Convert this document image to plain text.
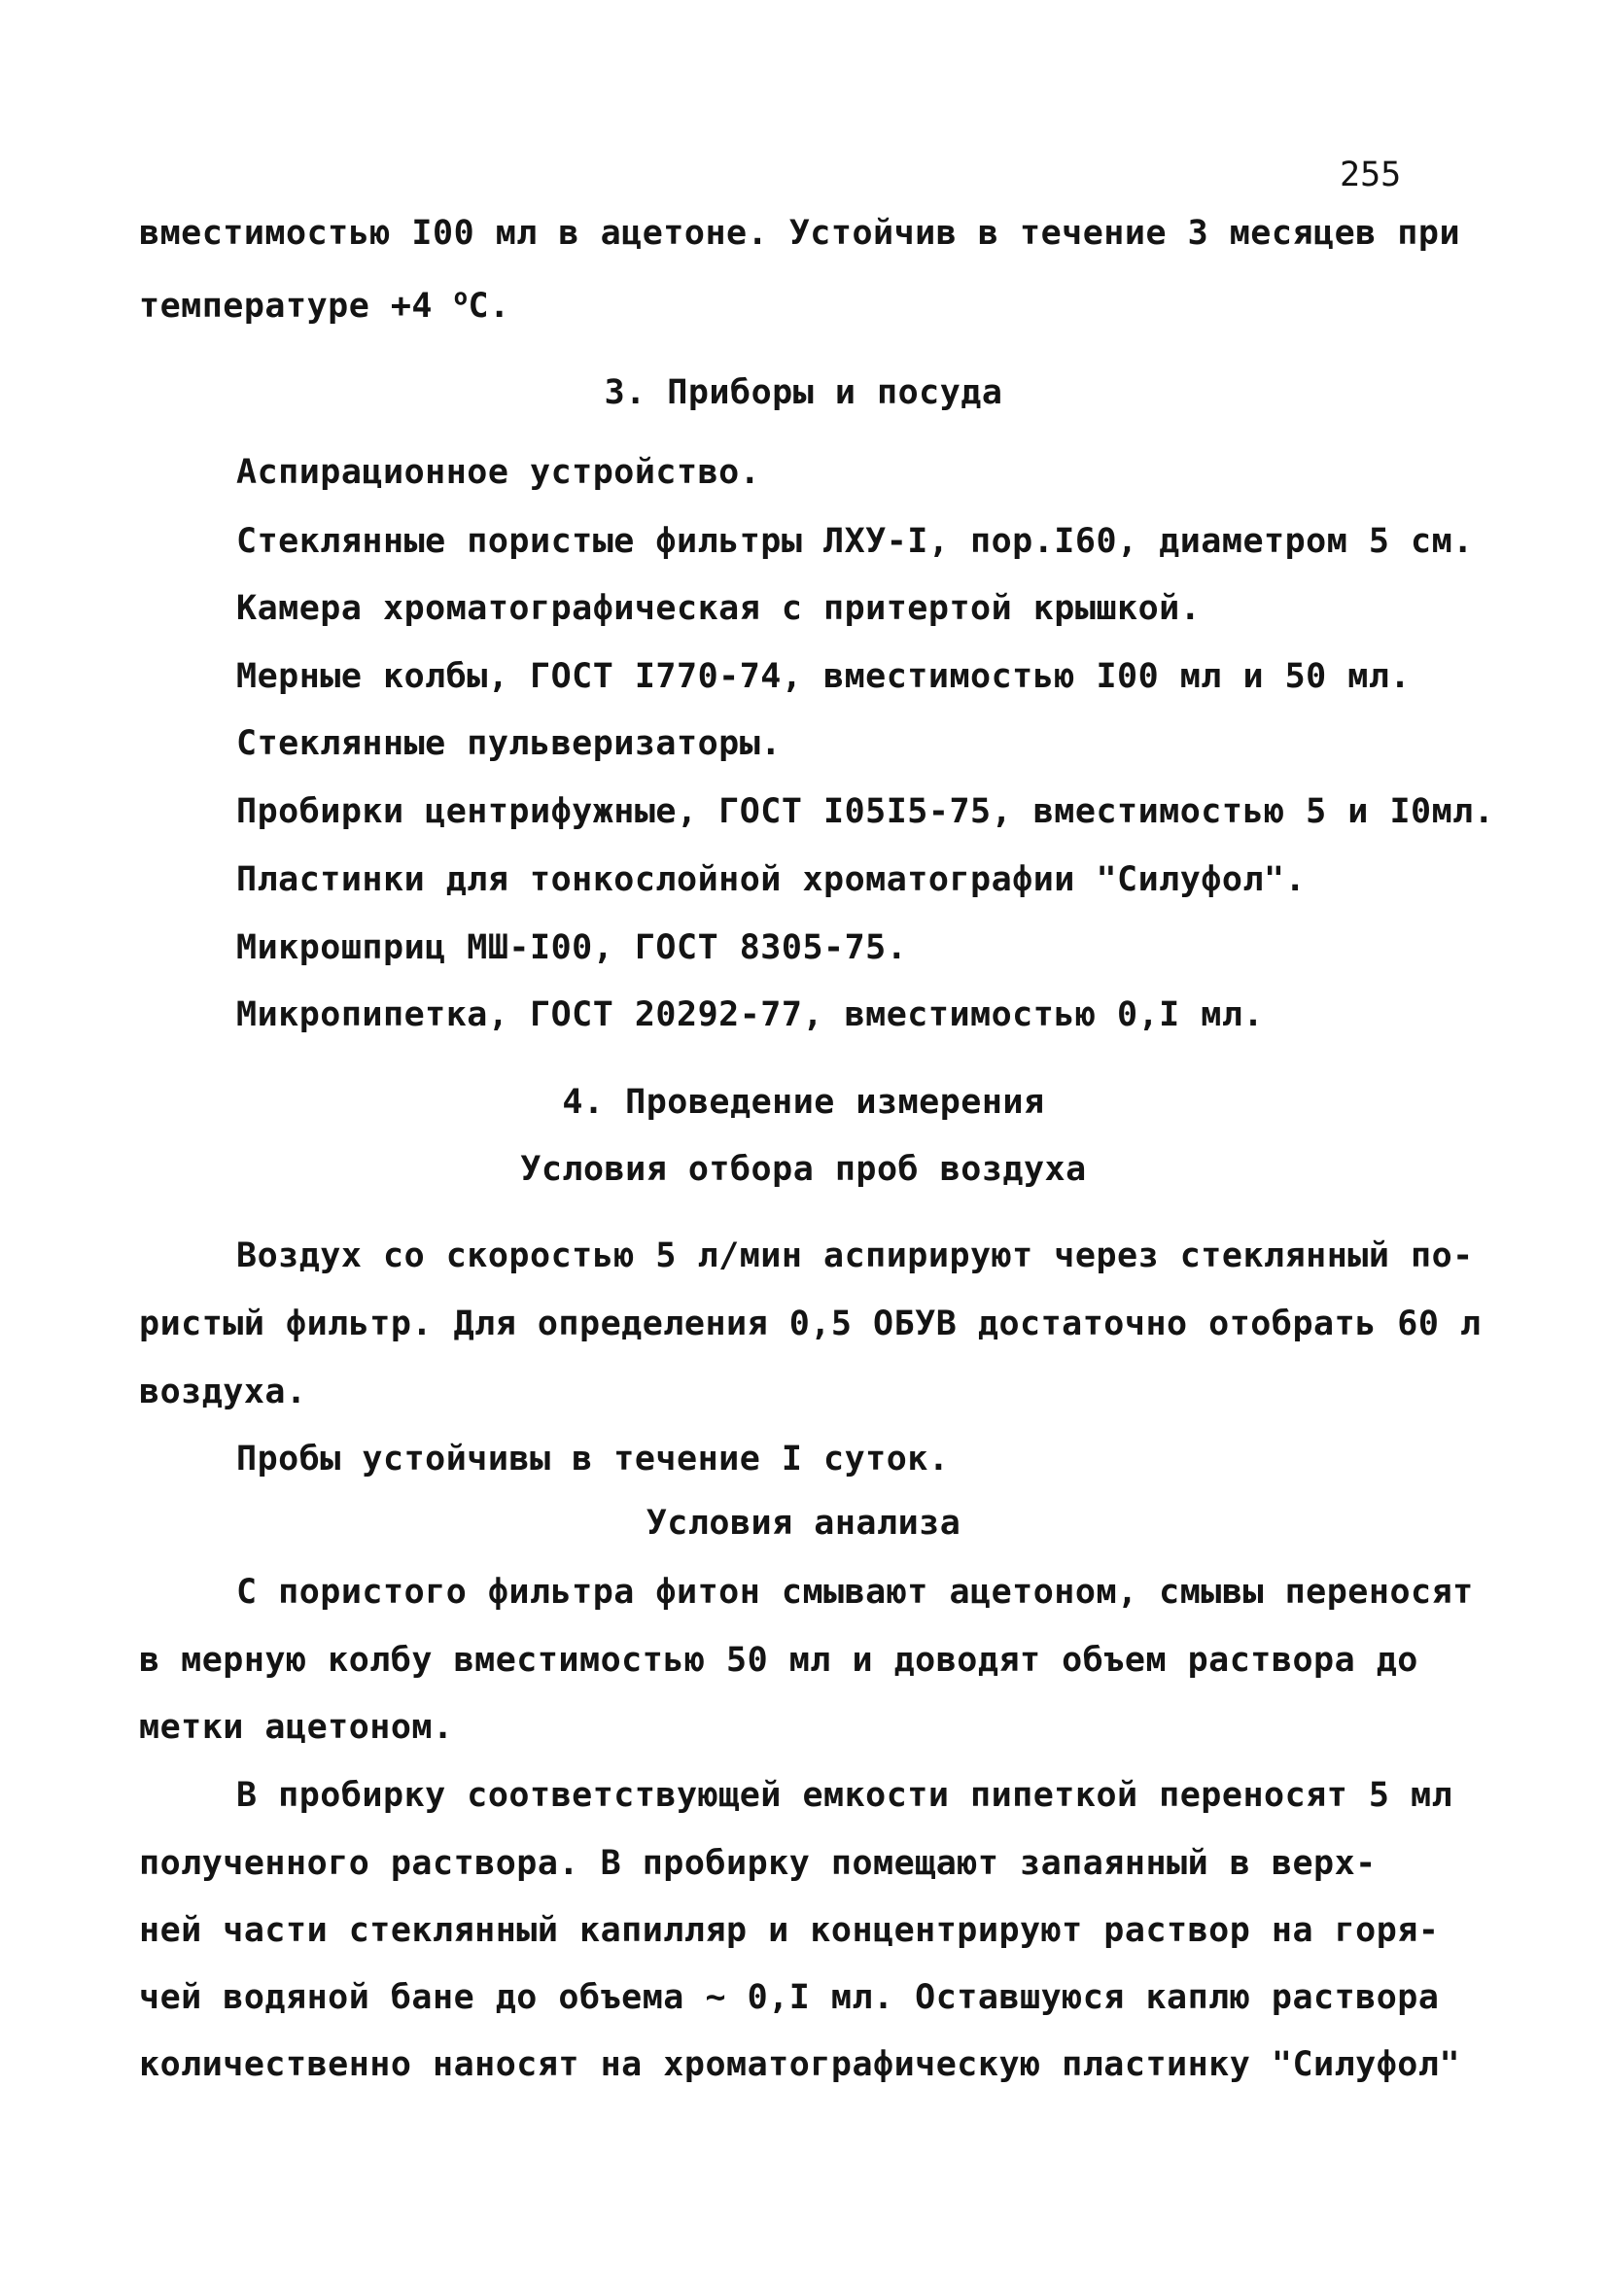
255
вместимостью I00 мл в ацетоне. Устойчив в течение 3 месяцев при
температуре +4 $^о$С.
3. Приборы и посуда
Аспирационное устройство.
Стеклянные пористые фильтры ЛХУ-I, пор.I60, диаметром 5 см.
Камера хроматографическая с притертой крышкой.
Мерные колбы, ГОСТ I770-74, вместимостью I00 мл и 50 мл.
Стеклянные пульверизаторы.
Пробирки центрифужные, ГОСТ I05I5-75, вместимостью 5 и I0мл.
Пластинки для тонкослойной хроматографии "Силуфол".
Микрошприц МШ-I00, ГОСТ 8305-75.
Микропипетка, ГОСТ 20292-77, вместимостью 0,I мл.
4. Проведение измерения
Условия отбора проб воздуха
Воздух со скоростью 5 л/мин аспирируют через стеклянный по-
ристый фильтр. Для определения 0,5 ОБУВ достаточно отобрать 60 л
воздуха.
Пробы устойчивы в течение I суток.
Условия анализа
С пористого фильтра фитон смывают ацетоном, смывы переносят
в мерную колбу вместимостью 50 мл и доводят объем раствора до
метки ацетоном.
В пробирку соответствующей емкости пипеткой переносят 5 мл
полученного раствора. В пробирку помещают запаянный в верх-
ней части стеклянный капилляр и концентрируют раствор на горя-
чей водяной бане до объема ~ 0,I мл. Оставшуюся каплю раствора
количественно наносят на хроматографическую пластинку "Силуфол"
